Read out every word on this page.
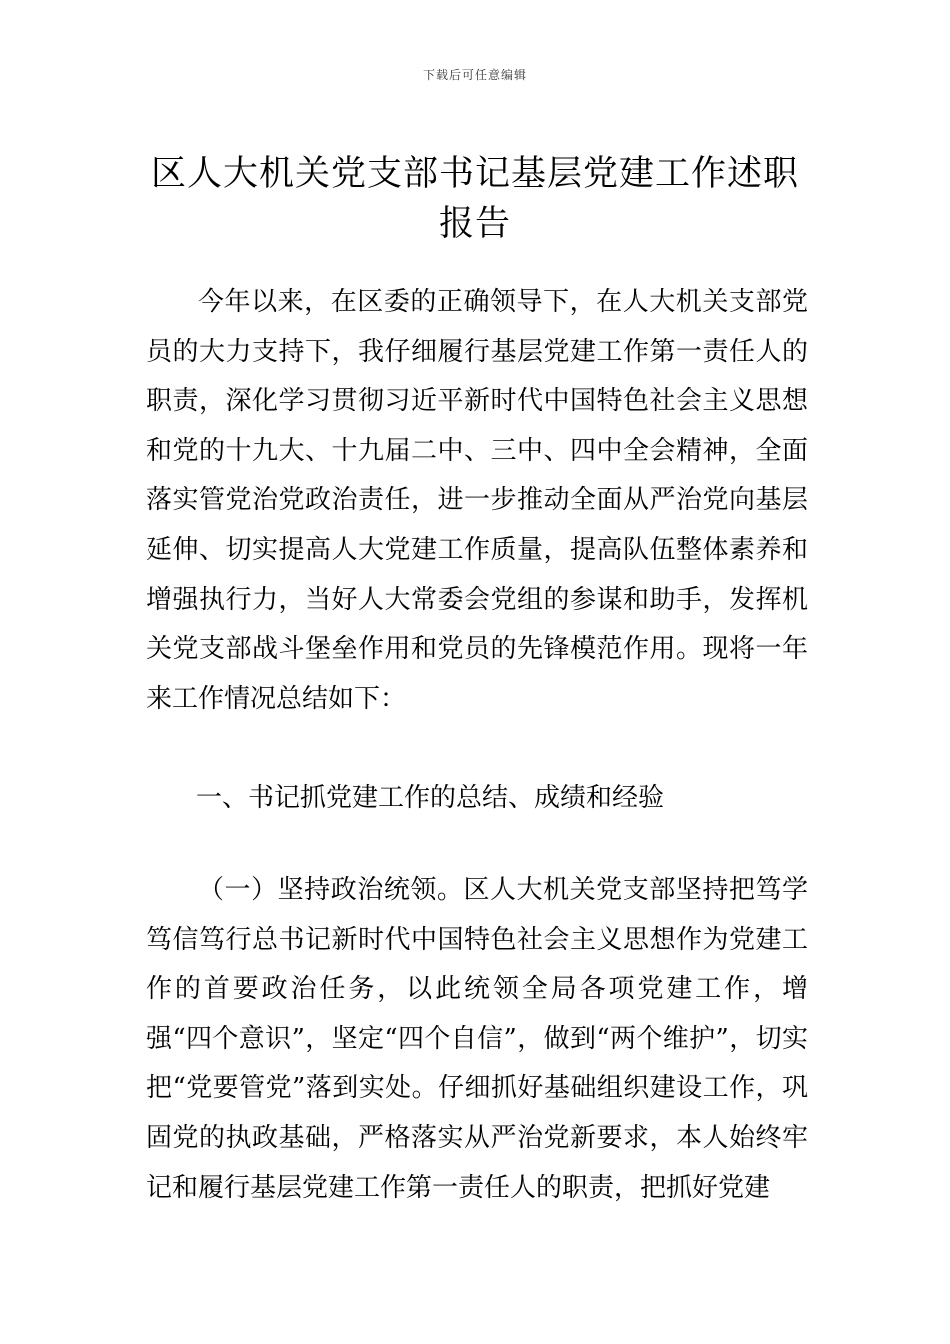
下载后可任意编辑
区人大机关党支部书记基层党建工作述职报告

今年以来，在区委的正确领导下，在人大机关支部党员的大力支持下，我仔细履行基层党建工作第一责任人的职责，深化学习贯彻习近平新时代中国特色社会主义思想和党的十九大、十九届二中、三中、四中全会精神，全面落实管党治党政治责任，进一步推动全面从严治党向基层延伸、切实提高人大党建工作质量，提高队伍整体素养和增强执行力，当好人大常委会党组的参谋和助手，发挥机关党支部战斗堡垒作用和党员的先锋模范作用。现将一年来工作情况总结如下：

一、书记抓党建工作的总结、成绩和经验

（一）坚持政治统领。区人大机关党支部坚持把笃学笃信笃行总书记新时代中国特色社会主义思想作为党建工作的首要政治任务，以此统领全局各项党建工作，增强“四个意识”，坚定“四个自信”，做到“两个维护”，切实把“党要管党”落到实处。仔细抓好基础组织建设工作，巩固党的执政基础，严格落实从严治党新要求，本人始终牢记和履行基层党建工作第一责任人的职责，把抓好党建
